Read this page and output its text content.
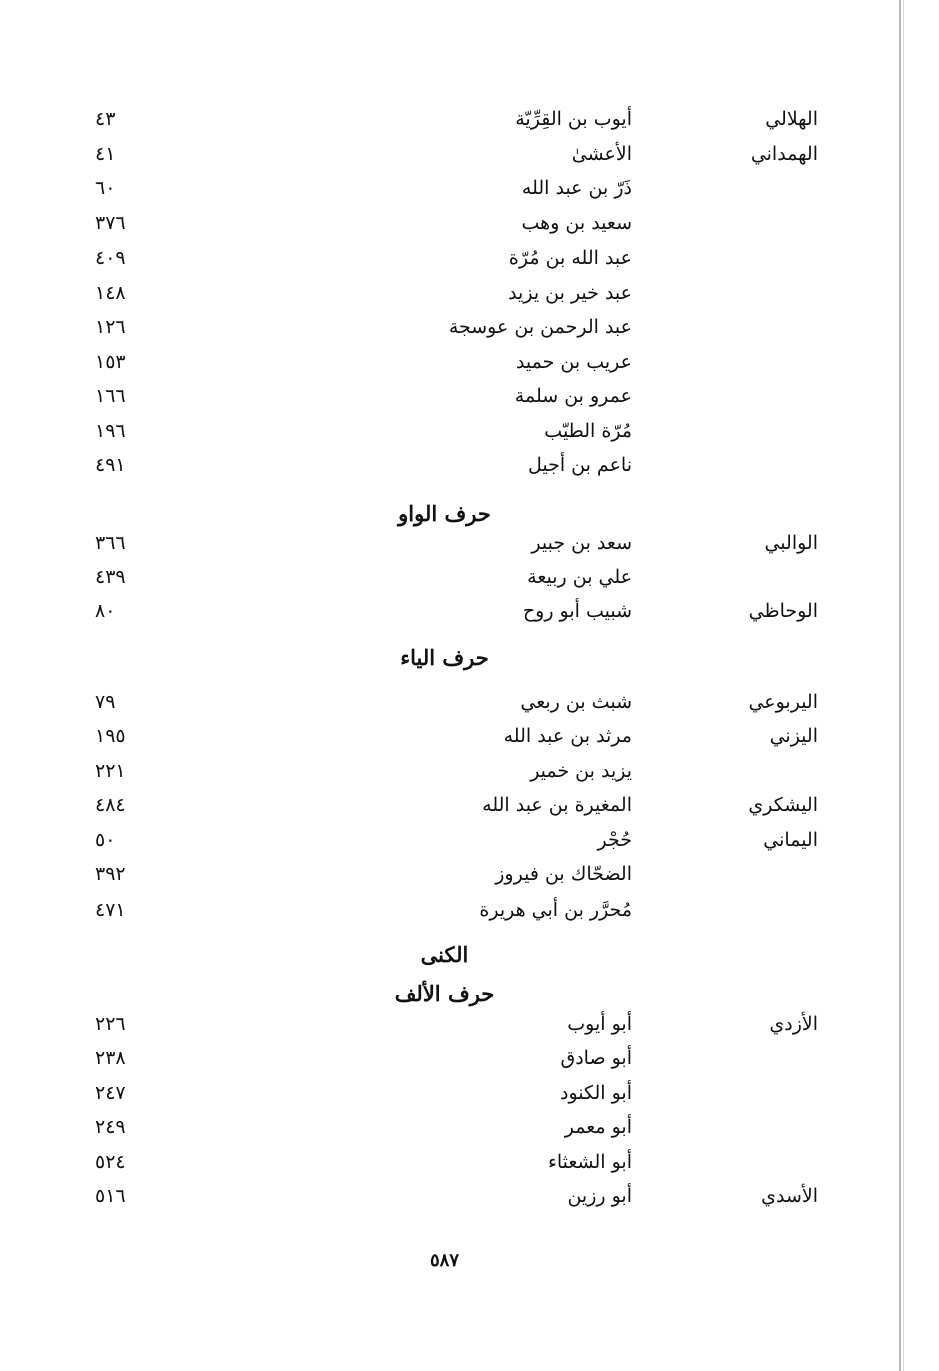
الهلالي
أيوب بن القِرِّيّة
٤٣
الهمداني
الأعشىٰ
٤١
ذَرّ بن عبد الله
٦٠
سعيد بن وهب
٣٧٦
عبد الله بن مُرّة
٤٠٩
عبد خير بن يزيد
١٤٨
عبد الرحمن بن عوسجة
١٢٦
عريب بن حميد
١٥٣
عمرو بن سلمة
١٦٦
مُرّة الطيّب
١٩٦
ناعم بن أجيل
٤٩١
حرف الواو
الوالبي
سعد بن جبير
٣٦٦
علي بن ربيعة
٤٣٩
الوحاظي
شبيب أبو روح
٨٠
حرف الياء
اليربوعي
شبث بن ربعي
٧٩
اليزني
مرثد بن عبد الله
١٩٥
يزيد بن خمير
٢٢١
اليشكري
المغيرة بن عبد الله
٤٨٤
اليماني
حُجْر
٥٠
الضحّاك بن فيروز
٣٩٢
مُحرَّر بن أبي هريرة
٤٧١
الكنى
حرف الألف
الأزدي
أبو أيوب
٢٢٦
أبو صادق
٢٣٨
أبو الكنود
٢٤٧
أبو معمر
٢٤٩
أبو الشعثاء
٥٢٤
الأسدي
أبو رزين
٥١٦
٥٨٧
